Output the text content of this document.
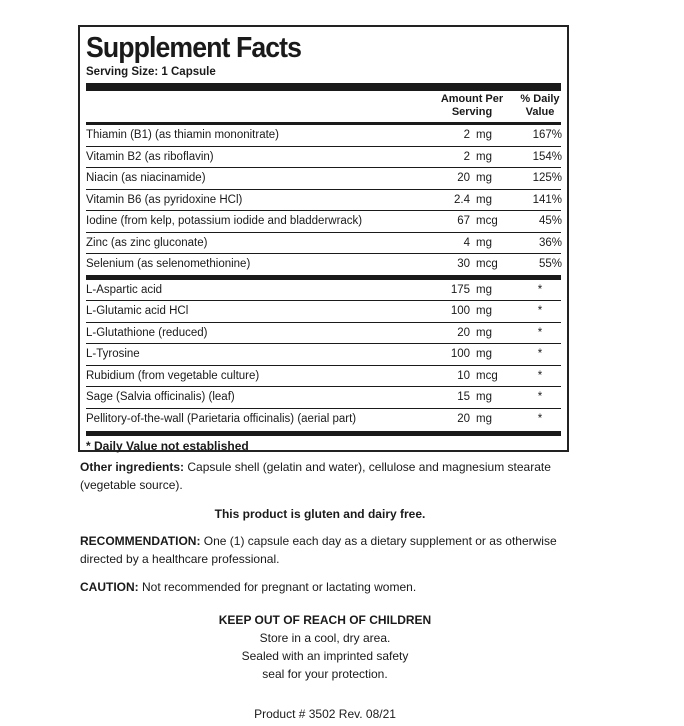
Supplement Facts
Serving Size: 1 Capsule
Amount Per Serving
% Daily Value
Thiamin (B1) (as thiamin mononitrate)	2 mg	167%
Vitamin B2 (as riboflavin)	2 mg	154%
Niacin (as niacinamide)	20 mg	125%
Vitamin B6 (as pyridoxine HCl)	2.4 mg	141%
Iodine (from kelp, potassium iodide and bladderwrack)	67 mcg	45%
Zinc (as zinc gluconate)	4 mg	36%
Selenium (as selenomethionine)	30 mcg	55%
L-Aspartic acid	175 mg	*
L-Glutamic acid HCl	100 mg	*
L-Glutathione (reduced)	20 mg	*
L-Tyrosine	100 mg	*
Rubidium (from vegetable culture)	10 mcg	*
Sage (Salvia officinalis) (leaf)	15 mg	*
Pellitory-of-the-wall (Parietaria officinalis) (aerial part)	20 mg	*
* Daily Value not established
Other ingredients: Capsule shell (gelatin and water), cellulose and magnesium stearate (vegetable source).
This product is gluten and dairy free.
RECOMMENDATION: One (1) capsule each day as a dietary supplement or as otherwise directed by a healthcare professional.
CAUTION: Not recommended for pregnant or lactating women.
KEEP OUT OF REACH OF CHILDREN
Store in a cool, dry area.
Sealed with an imprinted safety
seal for your protection.
Product # 3502 Rev. 08/21
